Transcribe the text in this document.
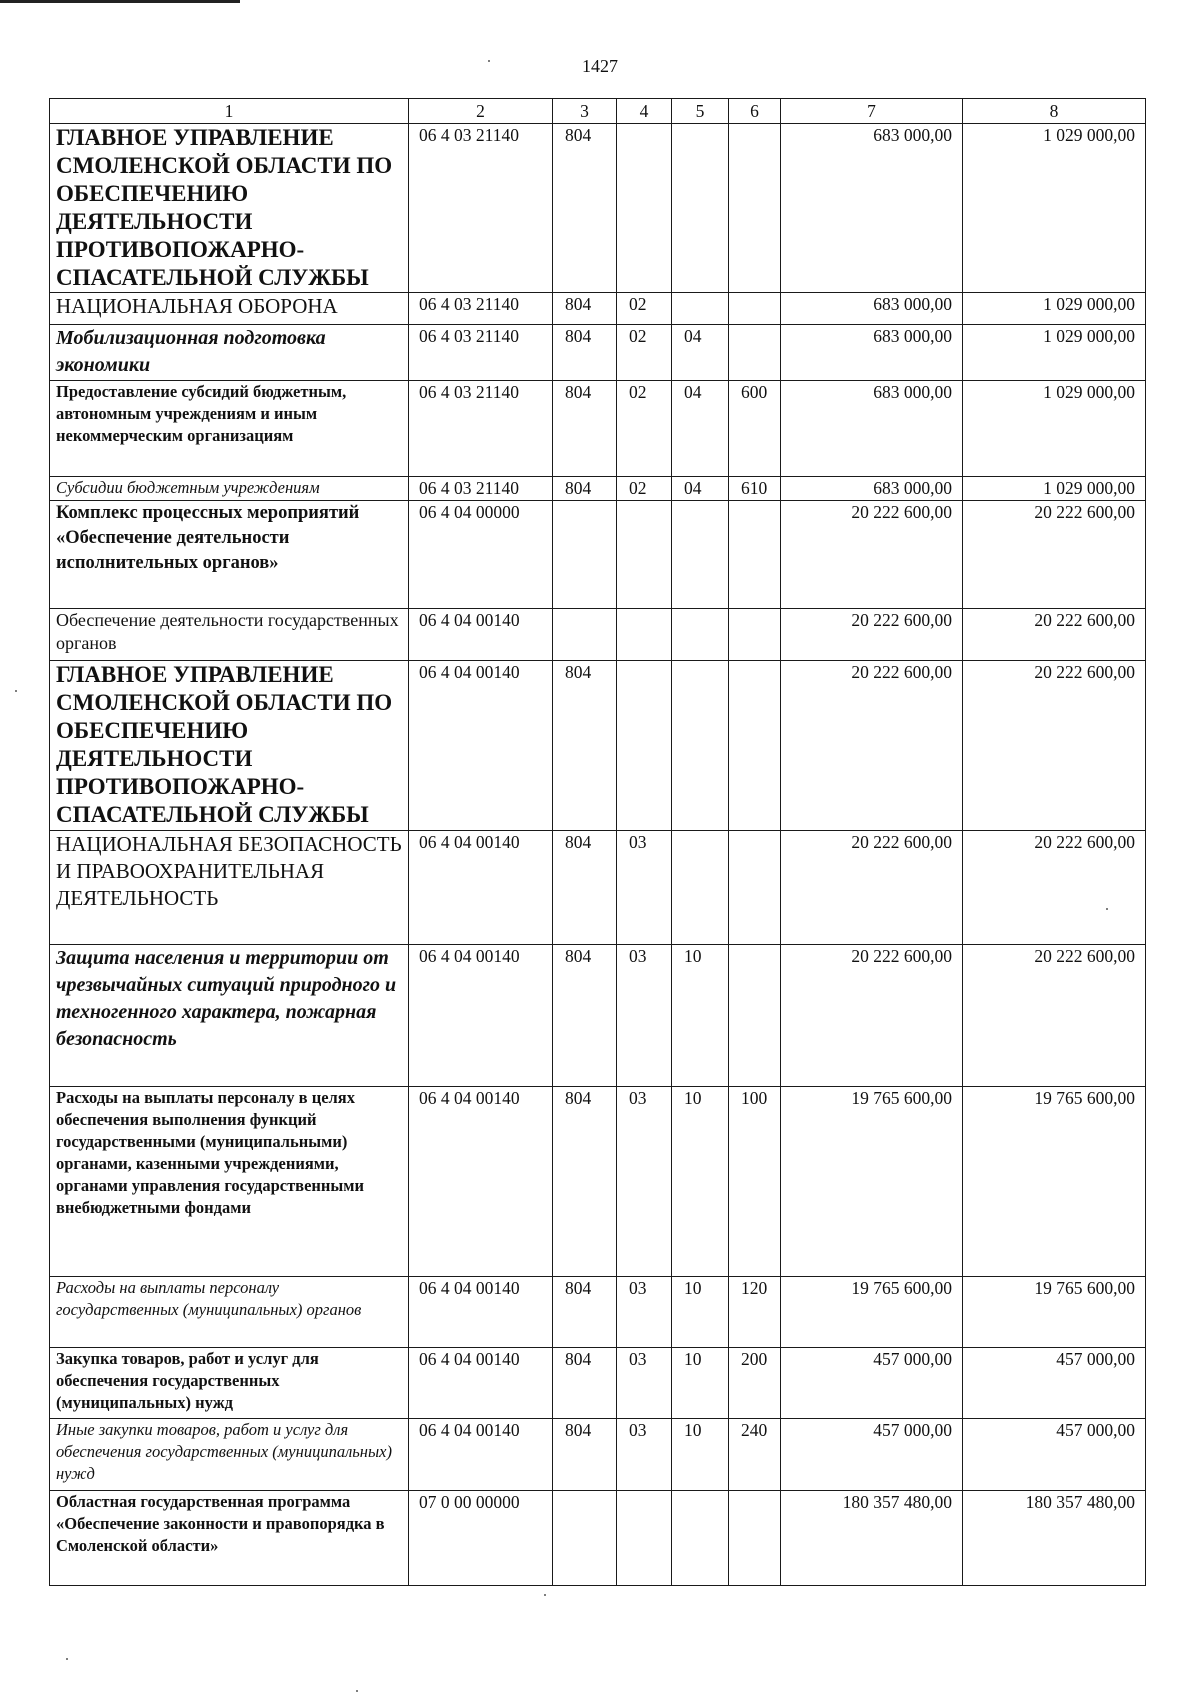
1427
1	2	3	4	5	6	7	8
ГЛАВНОЕ УПРАВЛЕНИЕ СМОЛЕНСКОЙ ОБЛАСТИ ПО ОБЕСПЕЧЕНИЮ ДЕЯТЕЛЬНОСТИ ПРОТИВОПОЖАРНО-СПАСАТЕЛЬНОЙ СЛУЖБЫ	06 4 03 21140	804				683 000,00	1 029 000,00
НАЦИОНАЛЬНАЯ ОБОРОНА	06 4 03 21140	804	02			683 000,00	1 029 000,00
Мобилизационная подготовка экономики	06 4 03 21140	804	02	04		683 000,00	1 029 000,00
Предоставление субсидий бюджетным, автономным учреждениям и иным некоммерческим организациям	06 4 03 21140	804	02	04	600	683 000,00	1 029 000,00
Субсидии бюджетным учреждениям	06 4 03 21140	804	02	04	610	683 000,00	1 029 000,00
Комплекс процессных мероприятий «Обеспечение деятельности исполнительных органов»	06 4 04 00000					20 222 600,00	20 222 600,00
Обеспечение деятельности государственных органов	06 4 04 00140					20 222 600,00	20 222 600,00
ГЛАВНОЕ УПРАВЛЕНИЕ СМОЛЕНСКОЙ ОБЛАСТИ ПО ОБЕСПЕЧЕНИЮ ДЕЯТЕЛЬНОСТИ ПРОТИВОПОЖАРНО-СПАСАТЕЛЬНОЙ СЛУЖБЫ	06 4 04 00140	804				20 222 600,00	20 222 600,00
НАЦИОНАЛЬНАЯ БЕЗОПАСНОСТЬ И ПРАВООХРАНИТЕЛЬНАЯ ДЕЯТЕЛЬНОСТЬ	06 4 04 00140	804	03			20 222 600,00	20 222 600,00
Защита населения и территории от чрезвычайных ситуаций природного и техногенного характера, пожарная безопасность	06 4 04 00140	804	03	10		20 222 600,00	20 222 600,00
Расходы на выплаты персоналу в целях обеспечения выполнения функций государственными (муниципальными) органами, казенными учреждениями, органами управления государственными внебюджетными фондами	06 4 04 00140	804	03	10	100	19 765 600,00	19 765 600,00
Расходы на выплаты персоналу государственных (муниципальных) органов	06 4 04 00140	804	03	10	120	19 765 600,00	19 765 600,00
Закупка товаров, работ и услуг для обеспечения государственных (муниципальных) нужд	06 4 04 00140	804	03	10	200	457 000,00	457 000,00
Иные закупки товаров, работ и услуг для обеспечения государственных (муниципальных) нужд	06 4 04 00140	804	03	10	240	457 000,00	457 000,00
Областная государственная программа «Обеспечение законности и правопорядка в Смоленской области»	07 0 00 00000					180 357 480,00	180 357 480,00
